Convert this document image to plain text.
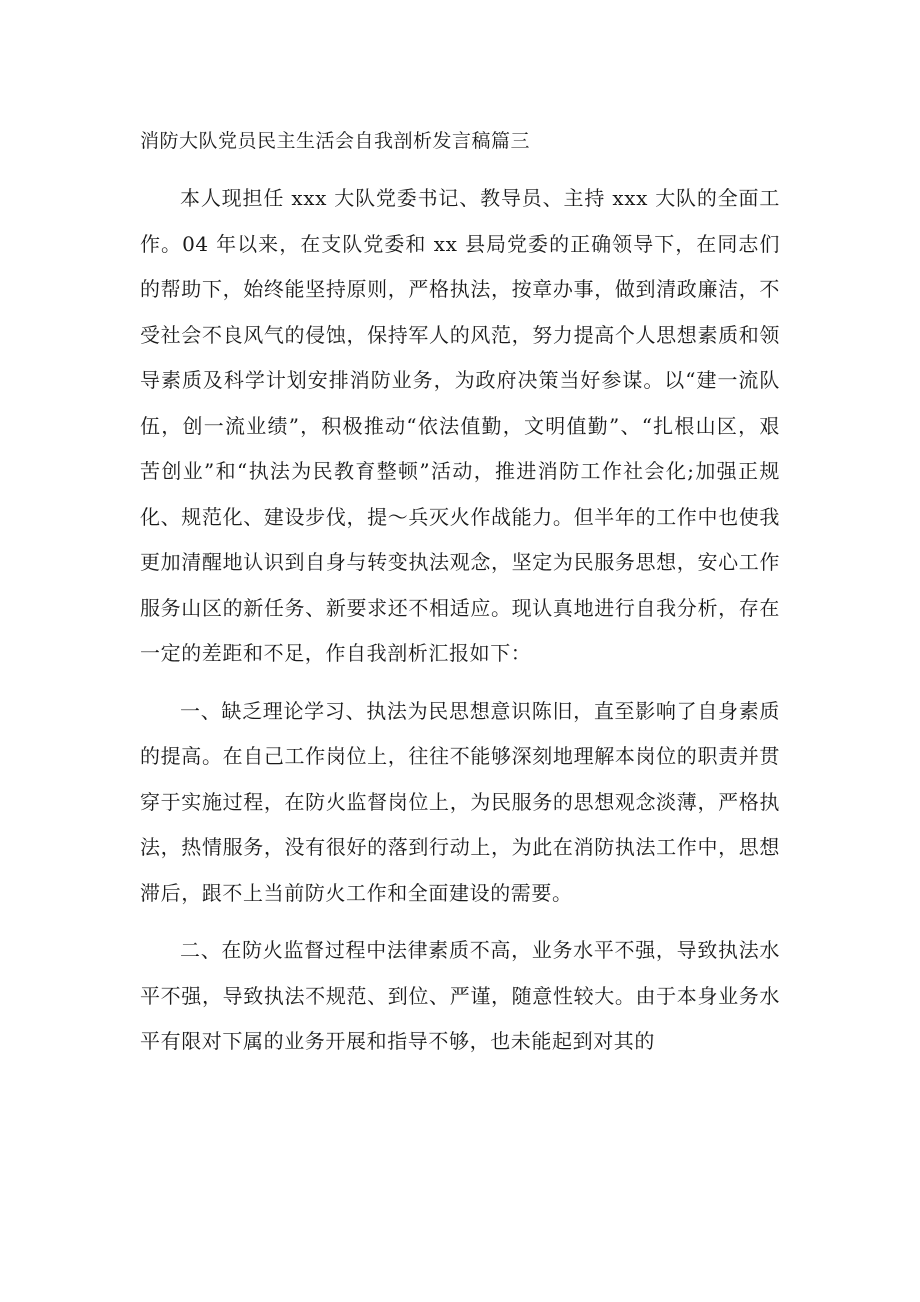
消防大队党员民主生活会自我剖析发言稿篇三

本人现担任 xxx 大队党委书记、教导员、主持 xxx 大队的全面工作。04 年以来，在支队党委和 xx 县局党委的正确领导下，在同志们的帮助下，始终能坚持原则，严格执法，按章办事，做到清政廉洁，不受社会不良风气的侵蚀，保持军人的风范，努力提高个人思想素质和领导素质及科学计划安排消防业务，为政府决策当好参谋。以“建一流队伍，创一流业绩”，积极推动“依法值勤，文明值勤”、“扎根山区，艰苦创业”和“执法为民教育整顿”活动，推进消防工作社会化;加强正规化、规范化、建设步伐，提～兵灭火作战能力。但半年的工作中也使我更加清醒地认识到自身与转变执法观念，坚定为民服务思想，安心工作服务山区的新任务、新要求还不相适应。现认真地进行自我分析，存在一定的差距和不足，作自我剖析汇报如下：

一、缺乏理论学习、执法为民思想意识陈旧，直至影响了自身素质的提高。在自己工作岗位上，往往不能够深刻地理解本岗位的职责并贯穿于实施过程，在防火监督岗位上，为民服务的思想观念淡薄，严格执法，热情服务，没有很好的落到行动上，为此在消防执法工作中，思想滞后，跟不上当前防火工作和全面建设的需要。

二、在防火监督过程中法律素质不高，业务水平不强，导致执法水平不强，导致执法不规范、到位、严谨，随意性较大。由于本身业务水平有限对下属的业务开展和指导不够，也未能起到对其的
